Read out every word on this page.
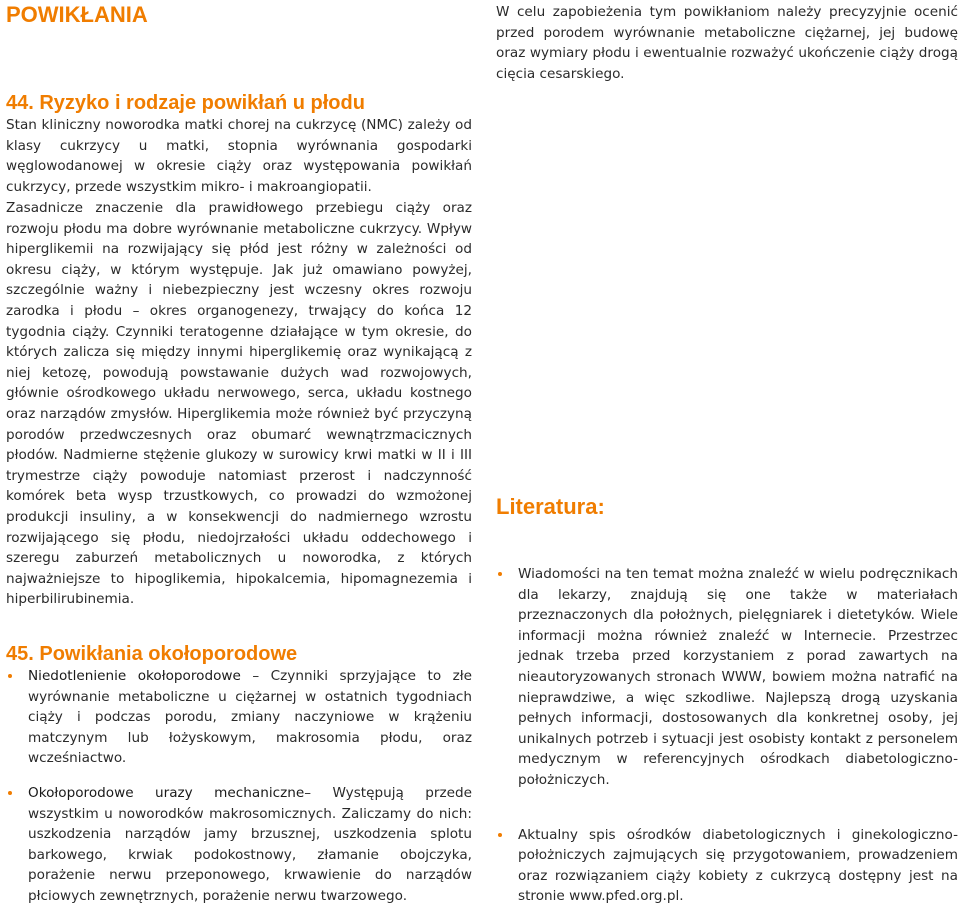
POWIKŁANIA
44. Ryzyko i rodzaje powikłań u płodu

Stan kliniczny noworodka matki chorej na cukrzycę (NMC) zależy od klasy cukrzycy u matki, stopnia wyrównania gospodarki węglowodanowej w okresie ciąży oraz występowania powikłań cukrzycy, przede wszystkim mikro- i makroangiopatii.

Zasadnicze znaczenie dla prawidłowego przebiegu ciąży oraz rozwoju płodu ma dobre wyrównanie metaboliczne cukrzycy. Wpływ hiperglikemii na rozwijający się płód jest różny w zależności od okresu ciąży, w którym występuje. Jak już omawiano powyżej, szczególnie ważny i niebezpieczny jest wczesny okres rozwoju zarodka i płodu – okres organogenezy, trwający do końca 12 tygodnia ciąży. Czynniki teratogenne działające w tym okresie, do których zalicza się między innymi hiperglikemię oraz wynikającą z niej ketozę, powodują powstawanie dużych wad rozwojowych, głównie ośrodkowego układu nerwowego, serca, układu kostnego oraz narządów zmysłów. Hiperglikemia może również być przyczyną porodów przedwczesnych oraz obumarć wewnątrzmacicznych płodów. Nadmierne stężenie glukozy w surowicy krwi matki w II i III trymestrze ciąży powoduje natomiast przerost i nadczynność komórek beta wysp trzustkowych, co prowadzi do wzmożonej produkcji insuliny, a w konsekwencji do nadmiernego wzrostu rozwijającego się płodu, niedojrzałości układu oddechowego i szeregu zaburzeń metabolicznych u noworodka, z których najważniejsze to hipoglikemia, hipokalcemia, hipomagnezemia i hiperbilirubinemia.

45. Powikłania okołoporodowe
Niedotlenienie okołoporodowe – Czynniki sprzyjające to złe wyrównanie metaboliczne u ciężarnej w ostatnich tygodniach ciąży i podczas porodu, zmiany naczyniowe w krążeniu matczynym lub łożyskowym, makrosomia płodu, oraz wcześniactwo.
Okołoporodowe urazy mechaniczne– Występują przede wszystkim u noworodków makrosomicznych. Zaliczamy do nich: uszkodzenia narządów jamy brzusznej, uszkodzenia splotu barkowego, krwiak podokostnowy, złamanie obojczyka, porażenie nerwu przeponowego, krwawienie do narządów płciowych zewnętrznych, porażenie nerwu twarzowego.

W celu zapobieżenia tym powikłaniom należy precyzyjnie ocenić przed porodem wyrównanie metaboliczne ciężarnej, jej budowę oraz wymiary płodu i ewentualnie rozważyć ukończenie ciąży drogą cięcia cesarskiego.

Literatura:
Wiadomości na ten temat można znaleźć w wielu podręcznikach dla lekarzy, znajdują się one także w materiałach przeznaczonych dla położnych, pielęgniarek i dietetyków. Wiele informacji można również znaleźć w Internecie. Przestrzec jednak trzeba przed korzystaniem z porad zawartych na nieautoryzowanych stronach WWW, bowiem można natrafić na nieprawdziwe, a więc szkodliwe. Najlepszą drogą uzyskania pełnych informacji, dostosowanych dla konkretnej osoby, jej unikalnych potrzeb i sytuacji jest osobisty kontakt z personelem medycznym w referencyjnych ośrodkach diabetologiczno-położniczych.
Aktualny spis ośrodków diabetologicznych i ginekologiczno-położniczych zajmujących się przygotowaniem, prowadzeniem oraz rozwiązaniem ciąży kobiety z cukrzycą dostępny jest na stronie www.pfed.org.pl.
